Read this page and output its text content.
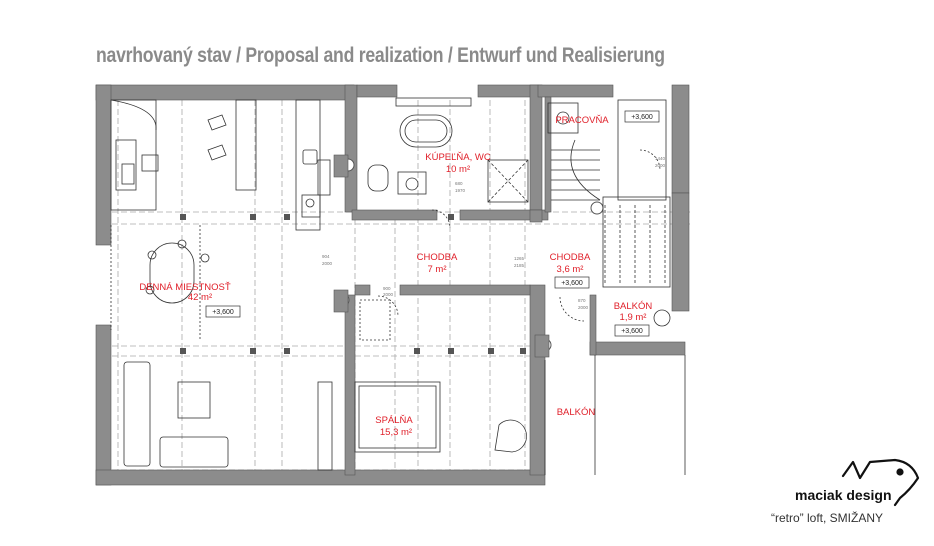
navrhovaný stav / Proposal and realization / Entwurf und Realisierung
DENNÁ MIESTNOSŤ
42 m²
KÚPEĽŇA, WC
10 m²
PRACOVŇA
CHODBA
7 m²
CHODBA
3,6 m²
BALKÓN
1,9 m²
SPÁLŇA
15,3 m²
BALKÓN
+3,600
+3,600
+3,600
+3,600
904
2000
900
2000
1265
2185
1440
2000
680
1970
870
2000
maciak design
“retro” loft, SMIŽANY
